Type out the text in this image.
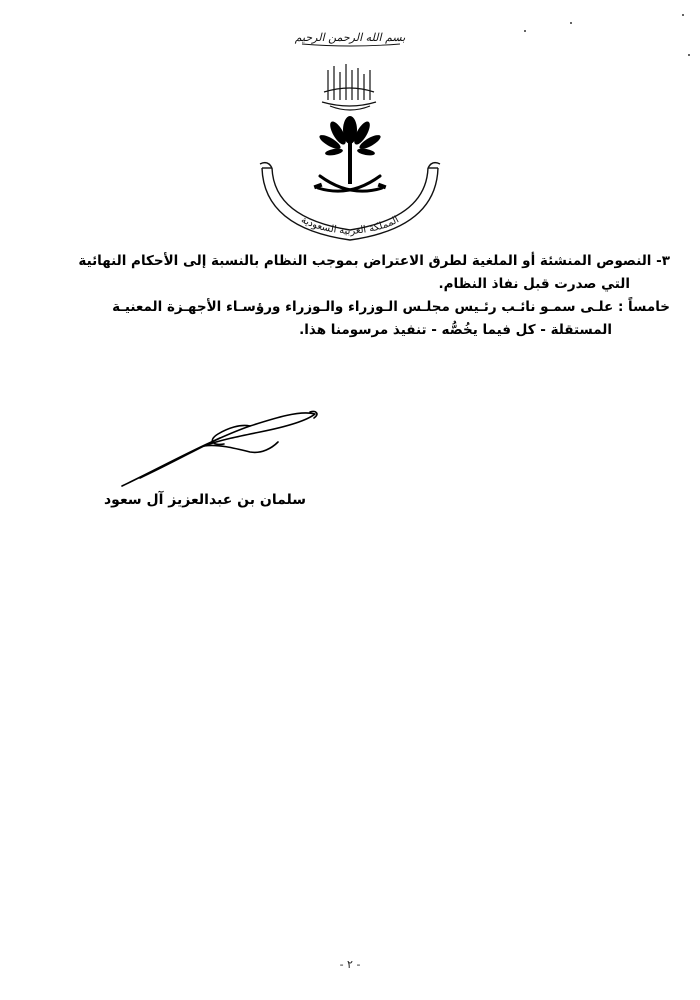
بسم الله الرحمن الرحيم
المملكة العربية السعودية

٣- النصوص المنشئة أو الملغية لطرق الاعتراض بموجب النظام بالنسبة إلى الأحكام النهائية

التي صدرت قبل نفاذ النظام.

خامساً : علـى سمـو نائـب رئـيس مجلـس الـوزراء والـوزراء ورؤسـاء الأجهـزة المعنيـة

المستقلة - كل فيما يخُصُّه - تنفيذ مرسومنا هذا.

سلمان بن عبدالعزيز آل سعود
- ٢ -
